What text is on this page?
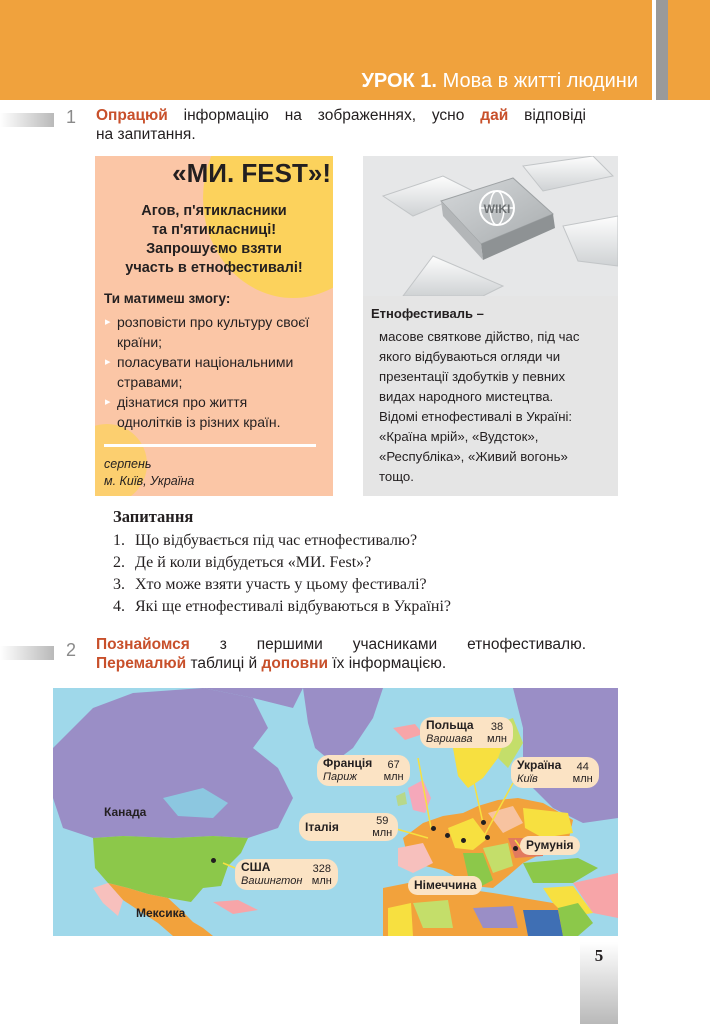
УРОК 1. Мова в житті людини
1 Опрацюй інформацію на зображеннях, усно дай відповіді
на запитання.
«МИ. FEST»!
Агов, п'ятикласники
та п'ятикласниці!
Запрошуємо взяти
участь в етнофестивалі!
Ти матимеш змогу:
▸ розповісти про культуру своєї
країни;
▸ поласувати національними
стравами;
▸ дізнатися про життя
однолітків із різних країн.
серпень
м. Київ, Україна
WIKI
Етнофестиваль –
масове святкове дійство, під час
якого відбуваються огляди чи
презентації здобутків у певних
видах народного мистецтва.
Відомі етнофестивалі в Україні:
«Країна мрій», «Вудсток»,
«Республіка», «Живий вогонь»
тощо.
Запитання
1. Що відбувається під час етнофестивалю?
2. Де й коли відбудеться «МИ. Fest»?
3. Хто може взяти участь у цьому фестивалі?
4. Які ще етнофестивалі відбуваються в Україні?
2 Познайомся з першими учасниками етнофестивалю.
Перемалюй таблиці й доповни їх інформацією.
Канада
Мексика
США
Вашингтон
328
млн
Польща
Варшава
38
млн
Франція
Париж
67
млн
Україна
Київ
44
млн
Італія	59
млн
Румунія
Німеччина
5
